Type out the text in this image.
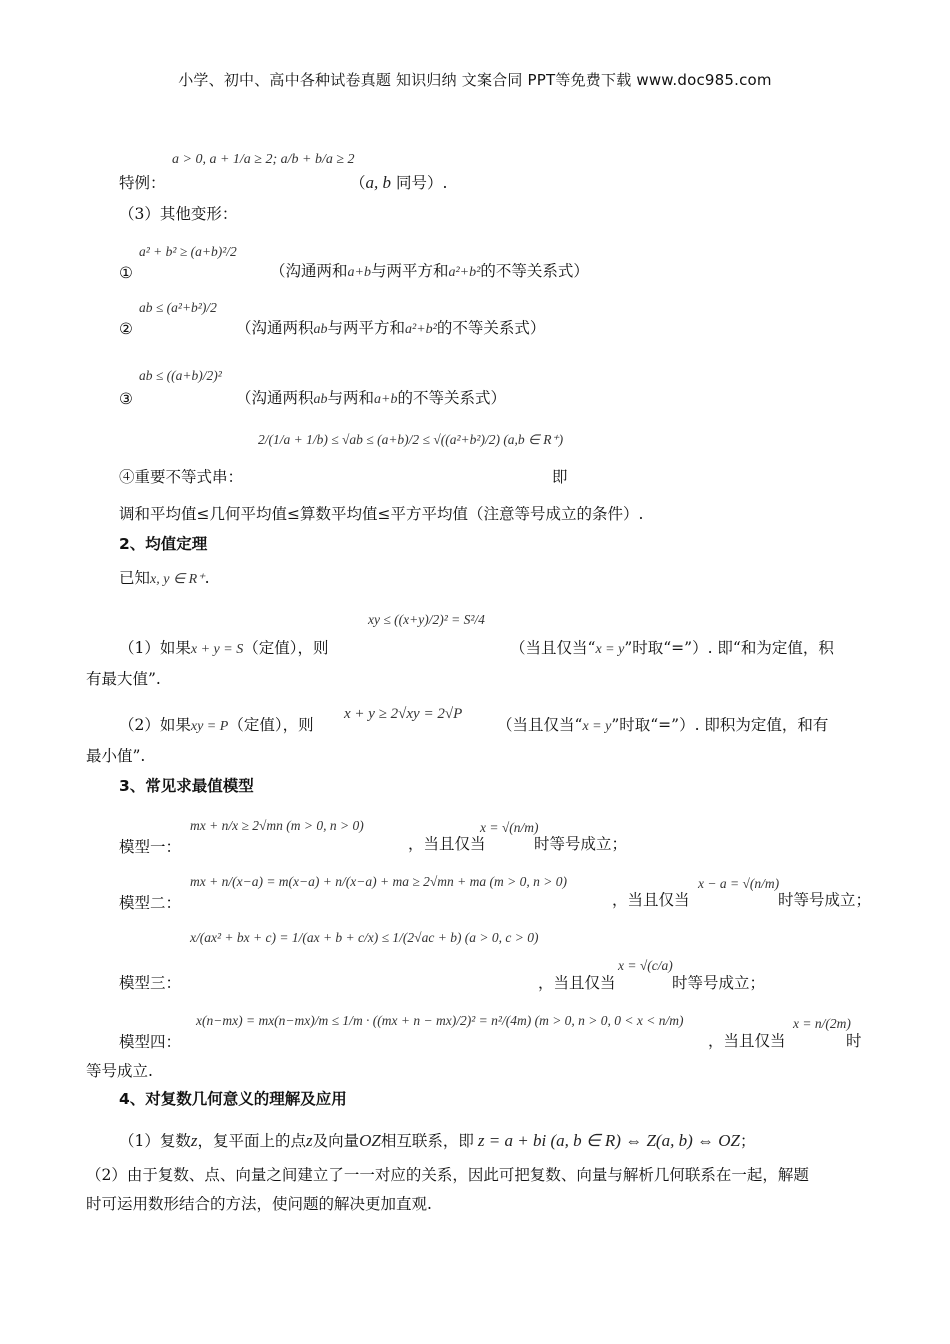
小学、初中、高中各种试卷真题 知识归纳 文案合同 PPT等免费下载 www.doc985.com
特例：
a > 0, a + 1/a ≥ 2; a/b + b/a ≥ 2
（a, b 同号）.
（3）其他变形：
①
a² + b² ≥ (a+b)²/2
（沟通两和a+b与两平方和a²+b²的不等关系式）
②
ab ≤ (a²+b²)/2
（沟通两积ab与两平方和a²+b²的不等关系式）
③
ab ≤ ((a+b)/2)²
（沟通两积ab与两和a+b的不等关系式）
2/(1/a + 1/b) ≤ √ab ≤ (a+b)/2 ≤ √((a²+b²)/2) (a,b ∈ R⁺)
④重要不等式串：	即
调和平均值≤几何平均值≤算数平均值≤平方平均值（注意等号成立的条件）.
2、均值定理
已知x, y ∈ R⁺.
xy ≤ ((x+y)/2)² = S²/4
（1）如果x + y = S（定值），则	（当且仅当“x = y”时取“=”）. 即“和为定值，积
有最大值”.
（2）如果xy = P（定值），则
x + y ≥ 2√xy = 2√P
（当且仅当“x = y”时取“=”）. 即积为定值，和有
最小值”.
3、常见求最值模型
模型一：
mx + n/x ≥ 2√mn (m > 0, n > 0)
，当且仅当
x = √(n/m)
时等号成立；
模型二：
mx + n/(x−a) = m(x−a) + n/(x−a) + ma ≥ 2√mn + ma (m > 0, n > 0)
，当且仅当
x − a = √(n/m)
时等号成立；
x/(ax² + bx + c) = 1/(ax + b + c/x) ≤ 1/(2√ac + b) (a > 0, c > 0)
模型三：	，当且仅当
x = √(c/a)
时等号成立；
模型四：
x(n−mx) = mx(n−mx)/m ≤ 1/m · ((mx + n − mx)/2)² = n²/(4m) (m > 0, n > 0, 0 < x < n/m)
，当且仅当
x = n/(2m)
时
等号成立.
4、对复数几何意义的理解及应用
（1）复数z，复平面上的点z及向量OZ相互联系，即 z = a + bi (a, b ∈ R) ⇔ Z(a, b) ⇔ OZ；
（2）由于复数、点、向量之间建立了一一对应的关系，因此可把复数、向量与解析几何联系在一起，解题
时可运用数形结合的方法，使问题的解决更加直观.
